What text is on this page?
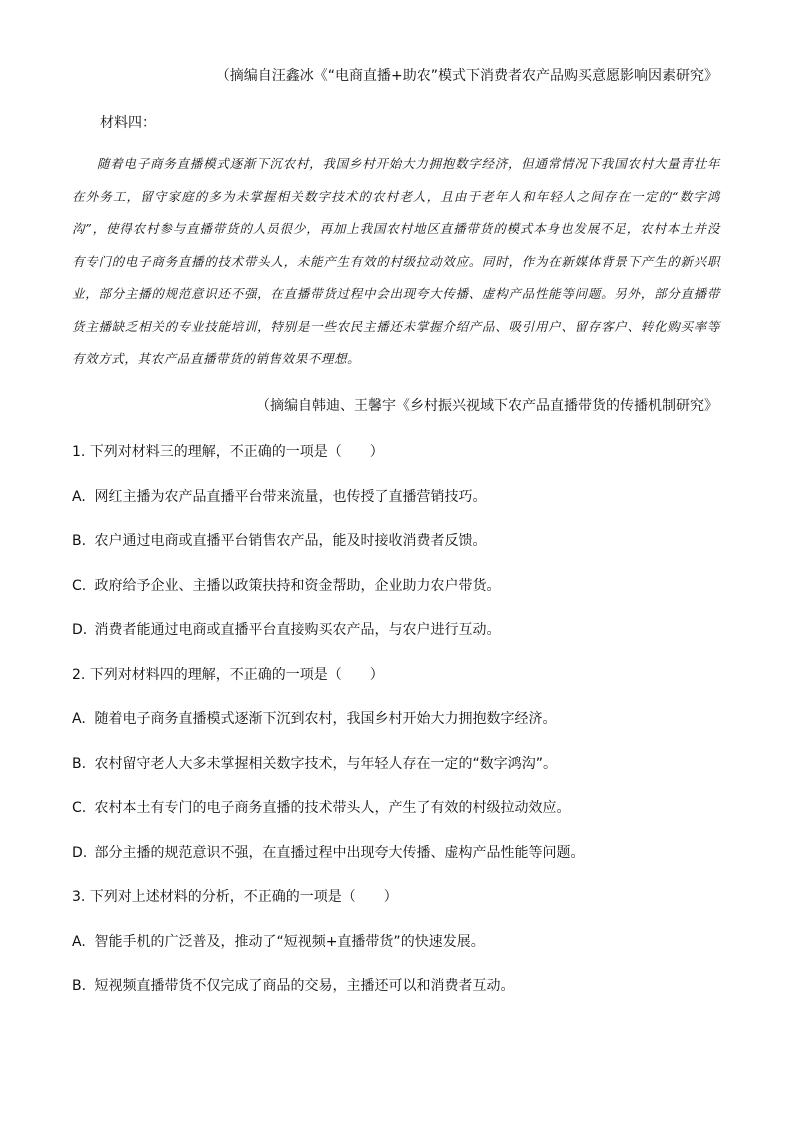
（摘编自汪鑫冰《“电商直播+助农”模式下消费者农产品购买意愿影响因素研究》
材料四：

随着电子商务直播模式逐渐下沉农村，我国乡村开始大力拥抱数字经济，但通常情况下我国农村大量青壮年在外务工，留守家庭的多为未掌握相关数字技术的农村老人，且由于老年人和年轻人之间存在一定的“数字鸿沟”，使得农村参与直播带货的人员很少，再加上我国农村地区直播带货的模式本身也发展不足，农村本土并没有专门的电子商务直播的技术带头人，未能产生有效的村级拉动效应。同时，作为在新媒体背景下产生的新兴职业，部分主播的规范意识还不强，在直播带货过程中会出现夸大传播、虚构产品性能等问题。另外，部分直播带货主播缺乏相关的专业技能培训，特别是一些农民主播还未掌握介绍产品、吸引用户、留存客户、转化购买率等有效方式，其农产品直播带货的销售效果不理想。

（摘编自韩迪、王馨宇《乡村振兴视域下农产品直播带货的传播机制研究》
1. 下列对材料三的理解，不正确的一项是（　　）
A. 网红主播为农产品直播平台带来流量，也传授了直播营销技巧。
B. 农户通过电商或直播平台销售农产品，能及时接收消费者反馈。
C. 政府给予企业、主播以政策扶持和资金帮助，企业助力农户带货。
D. 消费者能通过电商或直播平台直接购买农产品，与农户进行互动。
2. 下列对材料四的理解，不正确的一项是（　　）
A. 随着电子商务直播模式逐渐下沉到农村，我国乡村开始大力拥抱数字经济。
B. 农村留守老人大多未掌握相关数字技术，与年轻人存在一定的“数字鸿沟”。
C. 农村本土有专门的电子商务直播的技术带头人，产生了有效的村级拉动效应。
D. 部分主播的规范意识不强，在直播过程中出现夸大传播、虚构产品性能等问题。
3. 下列对上述材料的分析，不正确的一项是（　　）
A. 智能手机的广泛普及，推动了“短视频+直播带货”的快速发展。
B. 短视频直播带货不仅完成了商品的交易，主播还可以和消费者互动。
